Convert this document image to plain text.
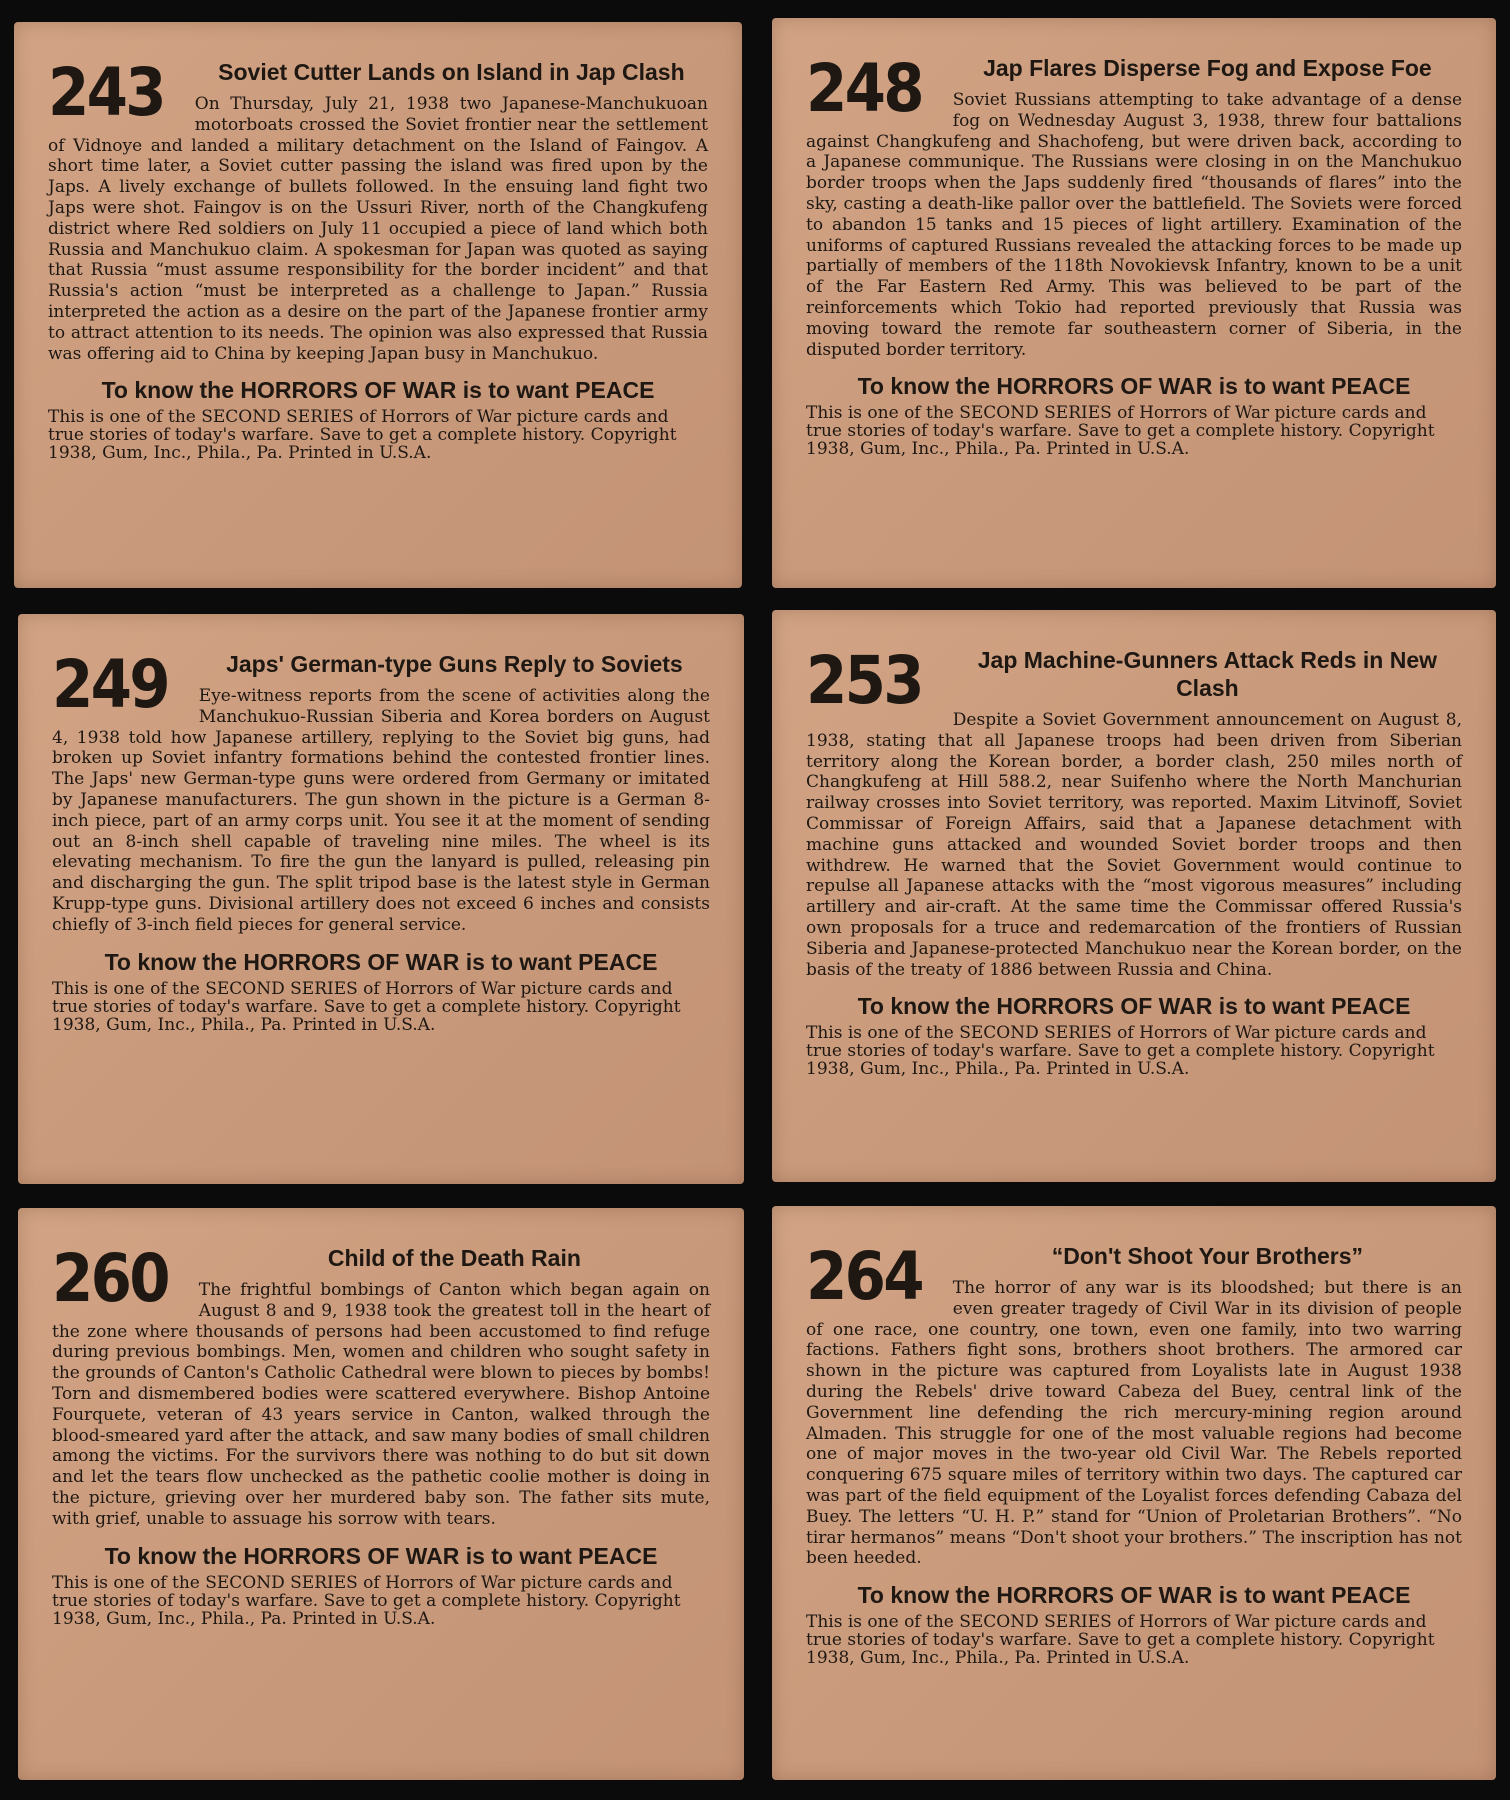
243	Soviet Cutter Lands on Island in Jap Clash

On Thursday, July 21, 1938 two Japanese-Manchukuoan motorboats crossed the Soviet frontier near the settlement of Vidnoye and landed a military detachment on the Island of Faingov. A short time later, a Soviet cutter passing the island was fired upon by the Japs. A lively exchange of bullets followed. In the ensuing land fight two Japs were shot. Faingov is on the Ussuri River, north of the Changkufeng district where Red soldiers on July 11 occupied a piece of land which both Russia and Manchukuo claim. A spokesman for Japan was quoted as saying that Russia “must assume responsibility for the border incident” and that Russia's action “must be interpreted as a challenge to Japan.” Russia interpreted the action as a desire on the part of the Japanese frontier army to attract attention to its needs. The opinion was also expressed that Russia was offering aid to China by keeping Japan busy in Manchukuo.

To know the HORRORS OF WAR is to want PEACE

This is one of the SECOND SERIES of Horrors of War picture cards and true stories of today's warfare. Save to get a complete history. Copyright 1938, Gum, Inc., Phila., Pa. Printed in U.S.A.

248	Jap Flares Disperse Fog and Expose Foe

Soviet Russians attempting to take advantage of a dense fog on Wednesday August 3, 1938, threw four battalions against Changkufeng and Shachofeng, but were driven back, according to a Japanese communique. The Russians were closing in on the Manchukuo border troops when the Japs suddenly fired “thousands of flares” into the sky, casting a death-like pallor over the battlefield. The Soviets were forced to abandon 15 tanks and 15 pieces of light artillery. Examination of the uniforms of captured Russians revealed the attacking forces to be made up partially of members of the 118th Novokievsk Infantry, known to be a unit of the Far Eastern Red Army. This was believed to be part of the reinforcements which Tokio had reported previously that Russia was moving toward the remote far southeastern corner of Siberia, in the disputed border territory.

To know the HORRORS OF WAR is to want PEACE

This is one of the SECOND SERIES of Horrors of War picture cards and true stories of today's warfare. Save to get a complete history. Copyright 1938, Gum, Inc., Phila., Pa. Printed in U.S.A.

249	Japs' German-type Guns Reply to Soviets

Eye-witness reports from the scene of activities along the Manchukuo-Russian Siberia and Korea borders on August 4, 1938 told how Japanese artillery, replying to the Soviet big guns, had broken up Soviet infantry formations behind the contested frontier lines. The Japs' new German-type guns were ordered from Germany or imitated by Japanese manufacturers. The gun shown in the picture is a German 8-inch piece, part of an army corps unit. You see it at the moment of sending out an 8-inch shell capable of traveling nine miles. The wheel is its elevating mechanism. To fire the gun the lanyard is pulled, releasing pin and discharging the gun. The split tripod base is the latest style in German Krupp-type guns. Divisional artillery does not exceed 6 inches and consists chiefly of 3-inch field pieces for general service.

To know the HORRORS OF WAR is to want PEACE

This is one of the SECOND SERIES of Horrors of War picture cards and true stories of today's warfare. Save to get a complete history. Copyright 1938, Gum, Inc., Phila., Pa. Printed in U.S.A.

253	Jap Machine-Gunners Attack Reds in New Clash

Despite a Soviet Government announcement on August 8, 1938, stating that all Japanese troops had been driven from Siberian territory along the Korean border, a border clash, 250 miles north of Changkufeng at Hill 588.2, near Suifenho where the North Manchurian railway crosses into Soviet territory, was reported. Maxim Litvinoff, Soviet Commissar of Foreign Affairs, said that a Japanese detachment with machine guns attacked and wounded Soviet border troops and then withdrew. He warned that the Soviet Government would continue to repulse all Japanese attacks with the “most vigorous measures” including artillery and air-craft. At the same time the Commissar offered Russia's own proposals for a truce and redemarcation of the frontiers of Russian Siberia and Japanese-protected Manchukuo near the Korean border, on the basis of the treaty of 1886 between Russia and China.

To know the HORRORS OF WAR is to want PEACE

This is one of the SECOND SERIES of Horrors of War picture cards and true stories of today's warfare. Save to get a complete history. Copyright 1938, Gum, Inc., Phila., Pa. Printed in U.S.A.

260	Child of the Death Rain

The frightful bombings of Canton which began again on August 8 and 9, 1938 took the greatest toll in the heart of the zone where thousands of persons had been accustomed to find refuge during previous bombings. Men, women and children who sought safety in the grounds of Canton's Catholic Cathedral were blown to pieces by bombs! Torn and dismembered bodies were scattered everywhere. Bishop Antoine Fourquete, veteran of 43 years service in Canton, walked through the blood-smeared yard after the attack, and saw many bodies of small children among the victims. For the survivors there was nothing to do but sit down and let the tears flow unchecked as the pathetic coolie mother is doing in the picture, grieving over her murdered baby son. The father sits mute, with grief, unable to assuage his sorrow with tears.

To know the HORRORS OF WAR is to want PEACE

This is one of the SECOND SERIES of Horrors of War picture cards and true stories of today's warfare. Save to get a complete history. Copyright 1938, Gum, Inc., Phila., Pa. Printed in U.S.A.

264	“Don't Shoot Your Brothers”

The horror of any war is its bloodshed; but there is an even greater tragedy of Civil War in its division of people of one race, one country, one town, even one family, into two warring factions. Fathers fight sons, brothers shoot brothers. The armored car shown in the picture was captured from Loyalists late in August 1938 during the Rebels' drive toward Cabeza del Buey, central link of the Government line defending the rich mercury-mining region around Almaden. This struggle for one of the most valuable regions had become one of major moves in the two-year old Civil War. The Rebels reported conquering 675 square miles of territory within two days. The captured car was part of the field equipment of the Loyalist forces defending Cabaza del Buey. The letters “U. H. P.” stand for “Union of Proletarian Brothers”. “No tirar hermanos” means “Don't shoot your brothers.” The inscription has not been heeded.

To know the HORRORS OF WAR is to want PEACE

This is one of the SECOND SERIES of Horrors of War picture cards and true stories of today's warfare. Save to get a complete history. Copyright 1938, Gum, Inc., Phila., Pa. Printed in U.S.A.
